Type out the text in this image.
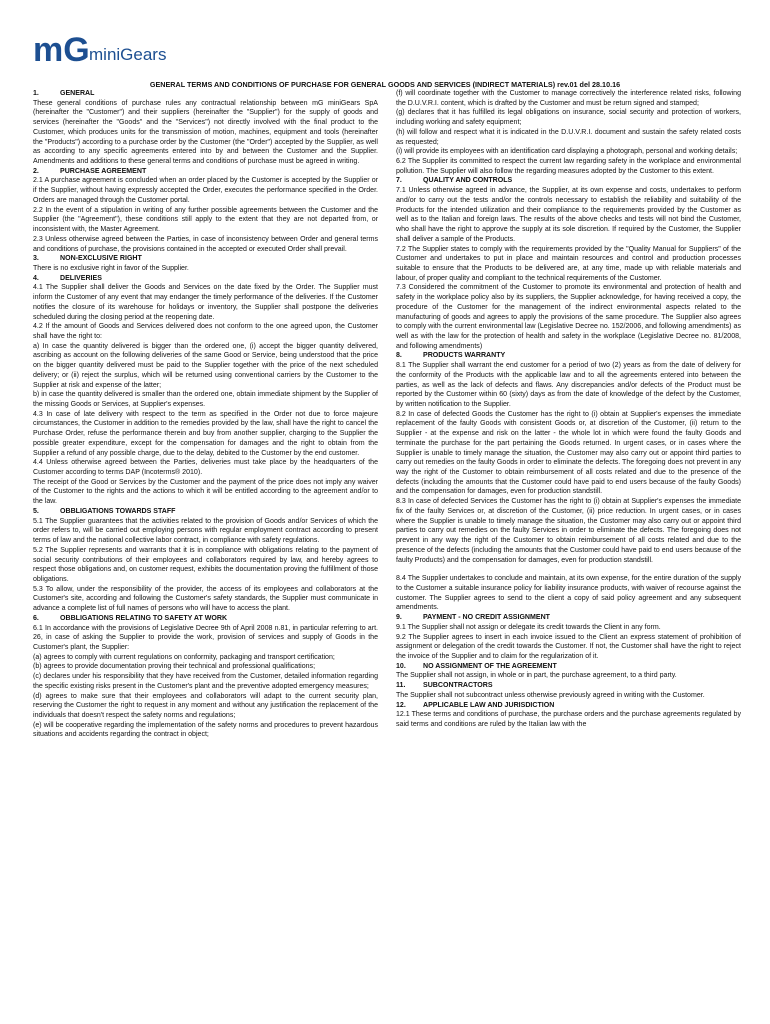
mG miniGears
GENERAL TERMS AND CONDITIONS OF PURCHASE FOR GENERAL GOODS AND SERVICES (INDIRECT MATERIALS) rev.01 del 28.10.16
1.	GENERAL

These general conditions of purchase rules any contractual relationship between mG miniGears SpA (hereinafter the "Customer") and their suppliers (hereinafter the "Supplier") for the supply of goods and services (hereinafter the "Goods" and the "Services") not directly involved with the final product to the Customer, which produces units for the transmission of motion, machines, equipment and tools (hereinafter the "Products") according to a purchase order by the Customer (the "Order") accepted by the Supplier, as well as according to any specific agreements entered into by and between the Customer and the Supplier. Amendments and additions to these general terms and conditions of purchase must be agreed in writing.

2.	PURCHASE AGREEMENT

2.1 A purchase agreement is concluded when an order placed by the Customer is accepted by the Supplier or if the Supplier, without having expressly accepted the Order, executes the performance specified in the Order. Orders are managed through the Customer portal.

2.2 In the event of a stipulation in writing of any further possible agreements between the Customer and the Supplier (the "Agreement"), these conditions still apply to the extent that they are not departed from, or inconsistent with, the Master Agreement.

2.3 Unless otherwise agreed between the Parties, in case of inconsistency between Order and general terms and conditions of purchase, the provisions contained in the accepted or executed Order shall prevail.

3.	NON-EXCLUSIVE RIGHT

There is no exclusive right in favor of the Supplier.

4.	DELIVERIES

4.1 The Supplier shall deliver the Goods and Services on the date fixed by the Order. The Supplier must inform the Customer of any event that may endanger the timely performance of the deliveries. If the Customer notifies the closure of its warehouse for holidays or inventory, the Supplier shall postpone the deliveries scheduled during the closing period at the reopening date.

4.2 If the amount of Goods and Services delivered does not conform to the one agreed upon, the Customer shall have the right to:

a) In case the quantity delivered is bigger than the ordered one, (i) accept the bigger quantity delivered, ascribing as account on the following deliveries of the same Good or Service, being understood that the price on the bigger quantity delivered must be paid to the Supplier together with the price of the next scheduled delivery; or (ii) reject the surplus, which will be returned using conventional carriers by the Customer to the Supplier at risk and expense of the latter;

b) in case the quantity delivered is smaller than the ordered one, obtain immediate shipment by the Supplier of the missing Goods or Services, at Supplier's expenses.

4.3 In case of late delivery with respect to the term as specified in the Order not due to force majeure circumstances, the Customer in addition to the remedies provided by the law, shall have the right to cancel the Purchase Order, refuse the performance therein and buy from another supplier, charging to the Supplier the possible greater expenditure, except for the compensation for damages and the right to obtain from the Supplier a refund of any possible charge, due to the delay, debited to the Customer by the end customer.

4.4 Unless otherwise agreed between the Parties, deliveries must take place by the headquarters of the Customer according to terms DAP (Incoterms® 2010).

The receipt of the Good or Services by the Customer and the payment of the price does not imply any waiver of the Customer to the rights and the actions to which it will be entitled according to the agreement and/or to the law.

5.	OBBLIGATIONS TOWARDS STAFF

5.1 The Supplier guarantees that the activities related to the provision of Goods and/or Services of which the order refers to, will be carried out employing persons with regular employment contract according to present terms of law and the national collective labor contract, in compliance with safety regulations.

5.2 The Supplier represents and warrants that it is in compliance with obligations relating to the payment of social security contributions of their employees and collaborators required by law, and hereby agrees to respect those obligations and, on customer request, exhibits the documentation proving the fulfillment of those obligations.

5.3 To allow, under the responsibility of the provider, the access of its employees and collaborators at the Customer's site, according and following the Customer's safety standards, the Supplier must communicate in advance a complete list of full names of persons who will have to access the plant.

6.	OBBLIGATIONS RELATING TO SAFETY AT WORK

6.1 In accordance with the provisions of Legislative Decree 9th of April 2008 n.81, in particular referring to art. 26, in case of asking the Supplier to provide the work, provision of services and supply of Goods in the Customer's plant, the Supplier:

(a) agrees to comply with current regulations on conformity, packaging and transport certification;

(b) agrees to provide documentation proving their technical and professional qualifications;

(c) declares under his responsibility that they have received from the Customer, detailed information regarding the specific existing risks present in the Customer's plant and the preventive adopted emergency measures;

(d) agrees to make sure that their employees and collaborators will adapt to the current security plan, reserving the Customer the right to request in any moment and without any justification the replacement of the individuals that doesn't respect the safety norms and regulations;

(e) will be cooperative regarding the implementation of the safety norms and procedures to prevent hazardous situations and accidents regarding the contract in object;

(f) will coordinate together with the Customer to manage correctively the interference related risks, following the D.U.V.R.I. content, which is drafted by the Customer and must be return signed and stamped;

(g) declares that it has fulfilled its legal obligations on insurance, social security and protection of workers, including working and safety equipment;

(h) will follow and respect what it is indicated in the D.U.V.R.I. document and sustain the safety related costs as requested;

(i) will provide its employees with an identification card displaying a photograph, personal and working details;

6.2 The Supplier its committed to respect the current law regarding safety in the workplace and environmental pollution. The Supplier will also follow the regarding measures adopted by the Customer to this extent.

7.	QUALITY AND CONTROLS

7.1 Unless otherwise agreed in advance, the Supplier, at its own expense and costs, undertakes to perform and/or to carry out the tests and/or the controls necessary to establish the reliability and suitability of the Products for the intended utilization and their compliance to the requirements provided by the Customer as well as to the Italian and foreign laws. The results of the above checks and tests will not bind the Customer, who shall have the right to approve the supply at its sole discretion. If required by the Customer, the Supplier shall deliver a sample of the Products.

7.2 The Supplier states to comply with the requirements provided by the "Quality Manual for Suppliers" of the Customer and undertakes to put in place and maintain resources and control and production processes suitable to ensure that the Products to be delivered are, at any time, made up with reliable materials and labour, of proper quality and compliant to the technical requirements of the Customer.

7.3 Considered the commitment of the Customer to promote its environmental and protection of health and safety in the workplace policy also by its suppliers, the Supplier acknowledge, for having received a copy, the procedure of the Customer for the management of the indirect environmental aspects related to the manufacturing of goods and agrees to apply the provisions of the same procedure. The Supplier also agrees to comply with the current environmental law (Legislative Decree no. 152/2006, and following amendments) as well as with the law for the protection of health and safety in the workplace (Legislative Decree no. 81/2008, and following amendments)

8.	PRODUCTS WARRANTY

8.1 The Supplier shall warrant the end customer for a period of two (2) years as from the date of delivery for the conformity of the Products with the applicable law and to all the agreements entered into between the parties, as well as the lack of defects and flaws. Any discrepancies and/or defects of the Product must be reported by the Customer within 60 (sixty) days as from the date of knowledge of the defect by the Customer, by written notification to the Supplier.

8.2 In case of defected Goods the Customer has the right to (i) obtain at Supplier's expenses the immediate replacement of the faulty Goods with consistent Goods or, at discretion of the Customer, (ii) return to the Supplier - at the expense and risk on the latter - the whole lot in which were found the faulty Goods and terminate the purchase for the part pertaining the Goods returned. In urgent cases, or in cases where the Supplier is unable to timely manage the situation, the Customer may also carry out or appoint third parties to carry out remedies on the faulty Goods in order to eliminate the defects. The foregoing does not prevent in any way the right of the Customer to obtain reimbursement of all costs related and due to the presence of the defects (including the amounts that the Customer could have paid to end users because of the faulty Goods) and the compensation for damages, even for production standstill.

8.3 In case of defected Services the Customer has the right to (i) obtain at Supplier's expenses the immediate fix of the faulty Services or, at discretion of the Customer, (ii) price reduction. In urgent cases, or in cases where the Supplier is unable to timely manage the situation, the Customer may also carry out or appoint third parties to carry out remedies on the faulty Services in order to eliminate the defects. The foregoing does not prevent in any way the right of the Customer to obtain reimbursement of all costs related and due to the presence of the defects (including the amounts that the Customer could have paid to end users because of the faulty Products) and the compensation for damages, even for production standstill.

8.4 The Supplier undertakes to conclude and maintain, at its own expense, for the entire duration of the supply to the Customer a suitable insurance policy for liability insurance products, with waiver of recourse against the customer. The Supplier agrees to send to the client a copy of said policy agreement and any subsequent amendments.

9.	PAYMENT - NO CREDIT ASSIGNMENT

9.1 The Supplier shall not assign or delegate its credit towards the Client in any form.

9.2 The Supplier agrees to insert in each invoice issued to the Client an express statement of prohibition of assignment or delegation of the credit towards the Customer. If not, the Customer shall have the right to reject the invoice of the Supplier and to claim for the regularization of it.

10.	NO ASSIGNMENT OF THE AGREEMENT

The Supplier shall not assign, in whole or in part, the purchase agreement, to a third party.

11.	SUBCONTRACTORS

The Supplier shall not subcontract unless otherwise previously agreed in writing with the Customer.

12.	APPLICABLE LAW AND JURISDICTION

12.1 These terms and conditions of purchase, the purchase orders and the purchase agreements regulated by said terms and conditions are ruled by the Italian law with the
